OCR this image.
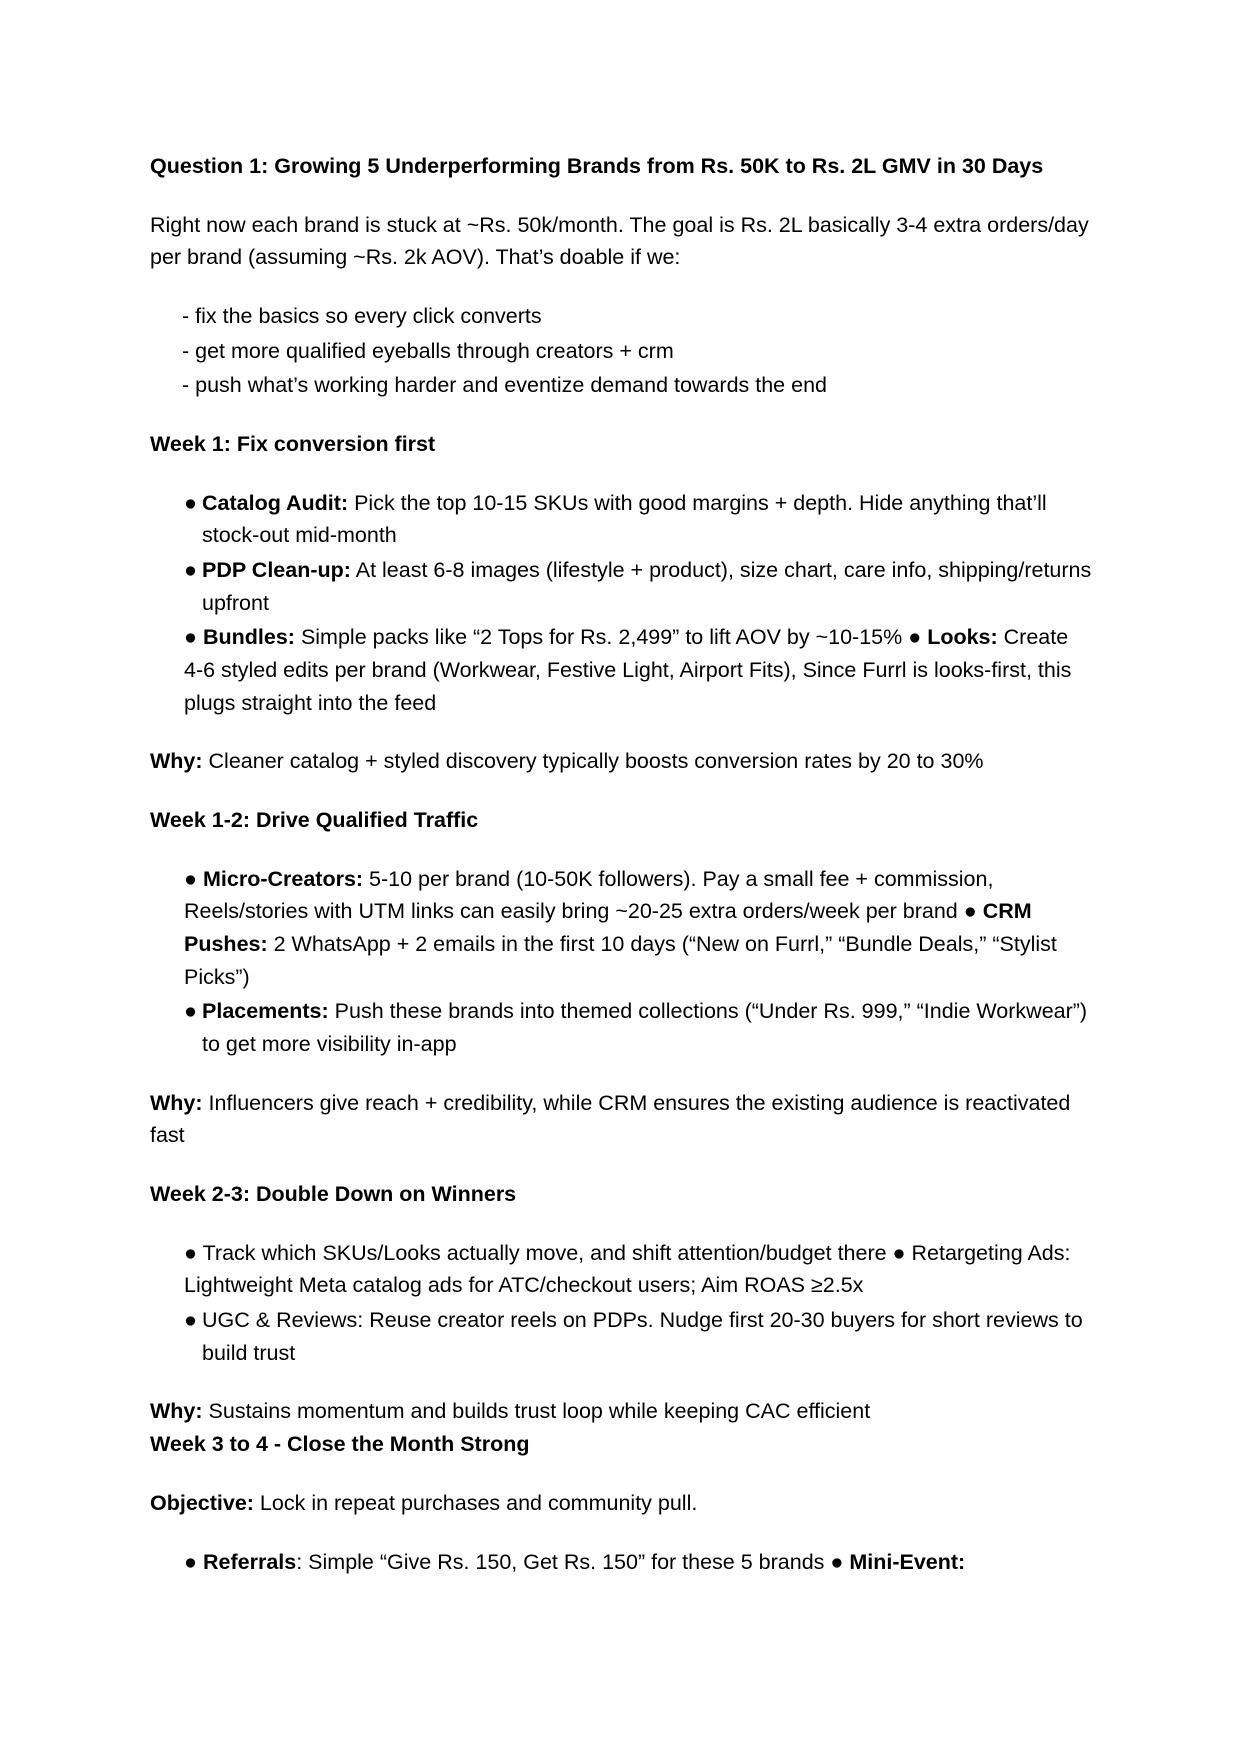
Question 1: Growing 5 Underperforming Brands from Rs. 50K to Rs. 2L GMV in 30 Days
Right now each brand is stuck at ~Rs. 50k/month. The goal is Rs. 2L basically 3-4 extra orders/day per brand (assuming ~Rs. 2k AOV). That’s doable if we:
- fix the basics so every click converts
- get more qualified eyeballs through creators + crm
- push what’s working harder and eventize demand towards the end
Week 1: Fix conversion first
● Catalog Audit: Pick the top 10-15 SKUs with good margins + depth. Hide anything that’ll stock-out mid-month
● PDP Clean-up: At least 6-8 images (lifestyle + product), size chart, care info, shipping/returns upfront
● Bundles: Simple packs like “2 Tops for Rs. 2,499” to lift AOV by ~10-15% ● Looks: Create 4-6 styled edits per brand (Workwear, Festive Light, Airport Fits), Since Furrl is looks-first, this plugs straight into the feed
Why: Cleaner catalog + styled discovery typically boosts conversion rates by 20 to 30%
Week 1-2: Drive Qualified Traffic
● Micro-Creators: 5-10 per brand (10-50K followers). Pay a small fee + commission, Reels/stories with UTM links can easily bring ~20-25 extra orders/week per brand ● CRM Pushes: 2 WhatsApp + 2 emails in the first 10 days (“New on Furrl,” “Bundle Deals,” “Stylist Picks”)
● Placements: Push these brands into themed collections (“Under Rs. 999,” “Indie Workwear”) to get more visibility in-app
Why: Influencers give reach + credibility, while CRM ensures the existing audience is reactivated fast
Week 2-3: Double Down on Winners
● Track which SKUs/Looks actually move, and shift attention/budget there ● Retargeting Ads: Lightweight Meta catalog ads for ATC/checkout users; Aim ROAS ≥2.5x
● UGC & Reviews: Reuse creator reels on PDPs. Nudge first 20-30 buyers for short reviews to build trust
Why: Sustains momentum and builds trust loop while keeping CAC efficient
Week 3 to 4 - Close the Month Strong
Objective: Lock in repeat purchases and community pull.
● Referrals: Simple “Give Rs. 150, Get Rs. 150” for these 5 brands ● Mini-Event:
